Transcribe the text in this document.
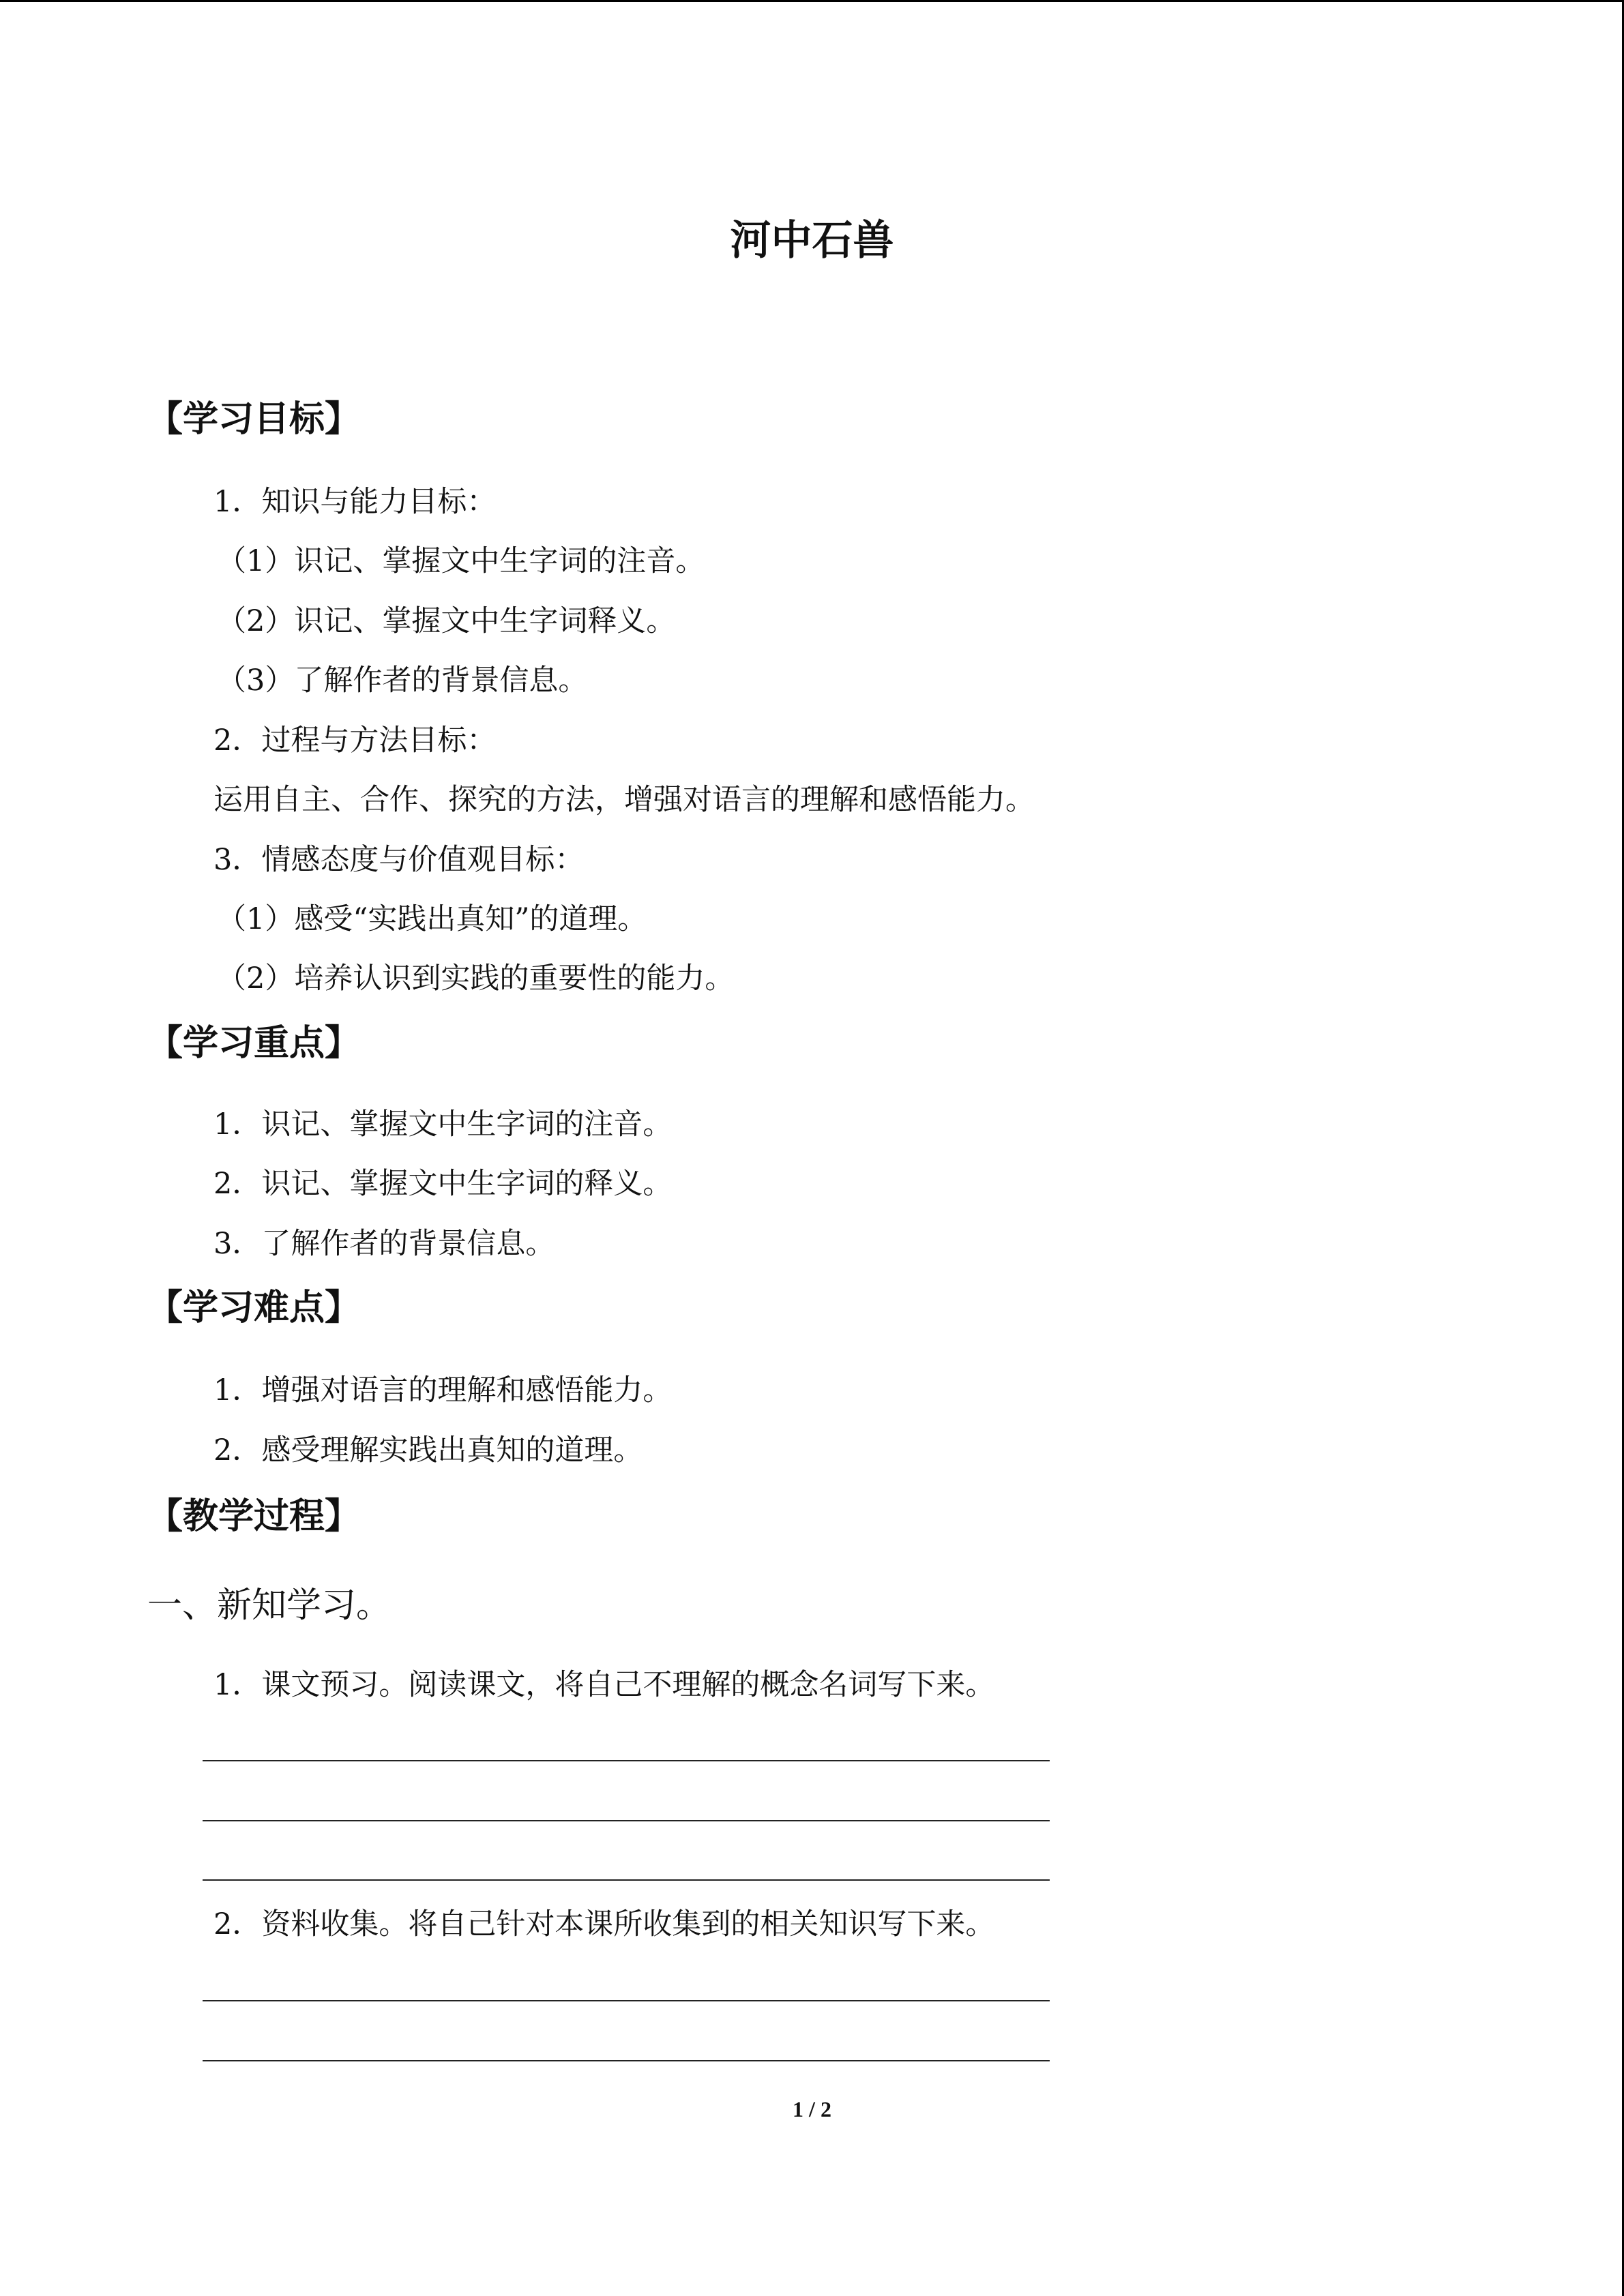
河中石兽
【学习目标】
1．知识与能力目标：
（1）识记、掌握文中生字词的注音。
（2）识记、掌握文中生字词释义。
（3）了解作者的背景信息。
2．过程与方法目标：
运用自主、合作、探究的方法，增强对语言的理解和感悟能力。
3．情感态度与价值观目标：
（1）感受“实践出真知”的道理。
（2）培养认识到实践的重要性的能力。
【学习重点】
1．识记、掌握文中生字词的注音。
2．识记、掌握文中生字词的释义。
3．了解作者的背景信息。
【学习难点】
1．增强对语言的理解和感悟能力。
2．感受理解实践出真知的道理。
【教学过程】
一、新知学习。
1．课文预习。阅读课文，将自己不理解的概念名词写下来。
2．资料收集。将自己针对本课所收集到的相关知识写下来。
1 / 2
